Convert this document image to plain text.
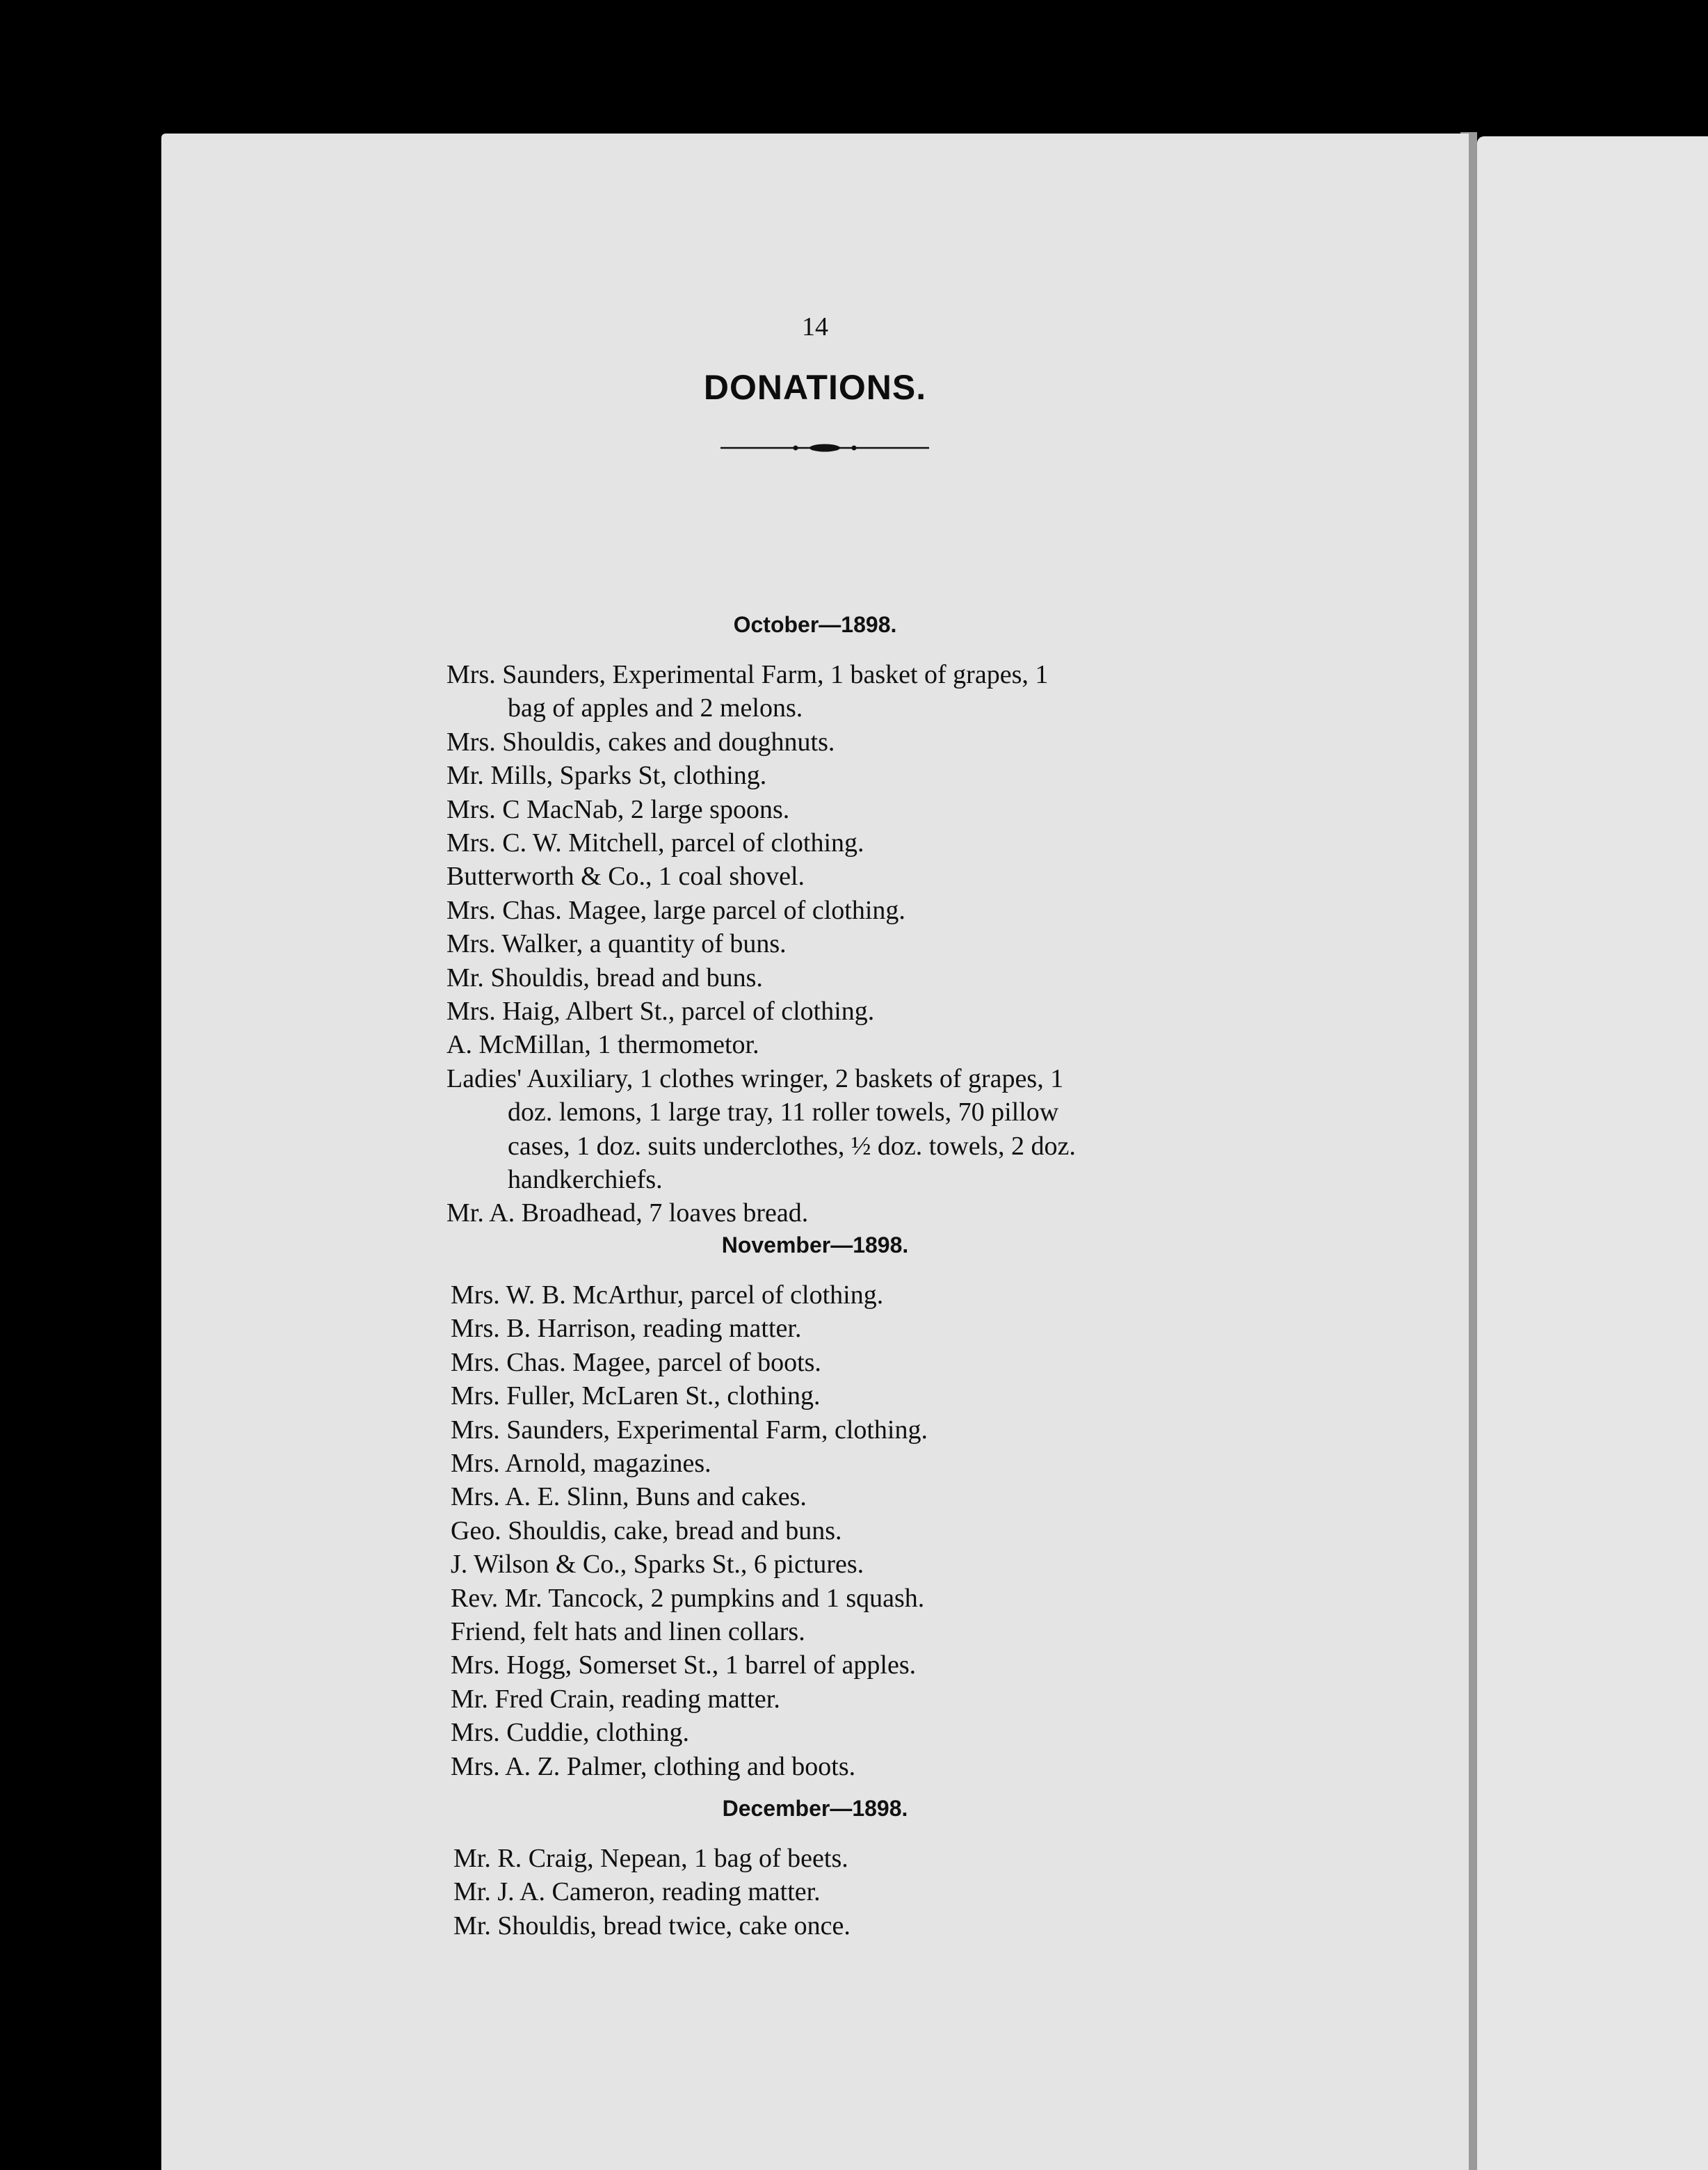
14
DONATIONS.
October—1898.
Mrs. Saunders, Experimental Farm, 1 basket of grapes, 1
bag of apples and 2 melons.
Mrs. Shouldis, cakes and doughnuts.
Mr. Mills, Sparks St, clothing.
Mrs. C MacNab, 2 large spoons.
Mrs. C. W. Mitchell, parcel of clothing.
Butterworth & Co., 1 coal shovel.
Mrs. Chas. Magee, large parcel of clothing.
Mrs. Walker, a quantity of buns.
Mr. Shouldis, bread and buns.
Mrs. Haig, Albert St., parcel of clothing.
A. McMillan, 1 thermometor.
Ladies' Auxiliary, 1 clothes wringer, 2 baskets of grapes, 1
doz. lemons, 1 large tray, 11 roller towels, 70 pillow
cases, 1 doz. suits underclothes, ½ doz. towels, 2 doz.
handkerchiefs.
Mr. A. Broadhead, 7 loaves bread.
November—1898.
Mrs. W. B. McArthur, parcel of clothing.
Mrs. B. Harrison, reading matter.
Mrs. Chas. Magee, parcel of boots.
Mrs. Fuller, McLaren St., clothing.
Mrs. Saunders, Experimental Farm, clothing.
Mrs. Arnold, magazines.
Mrs. A. E. Slinn, Buns and cakes.
Geo. Shouldis, cake, bread and buns.
J. Wilson & Co., Sparks St., 6 pictures.
Rev. Mr. Tancock, 2 pumpkins and 1 squash.
Friend, felt hats and linen collars.
Mrs. Hogg, Somerset St., 1 barrel of apples.
Mr. Fred Crain, reading matter.
Mrs. Cuddie, clothing.
Mrs. A. Z. Palmer, clothing and boots.
December—1898.
Mr. R. Craig, Nepean, 1 bag of beets.
Mr. J. A. Cameron, reading matter.
Mr. Shouldis, bread twice, cake once.
